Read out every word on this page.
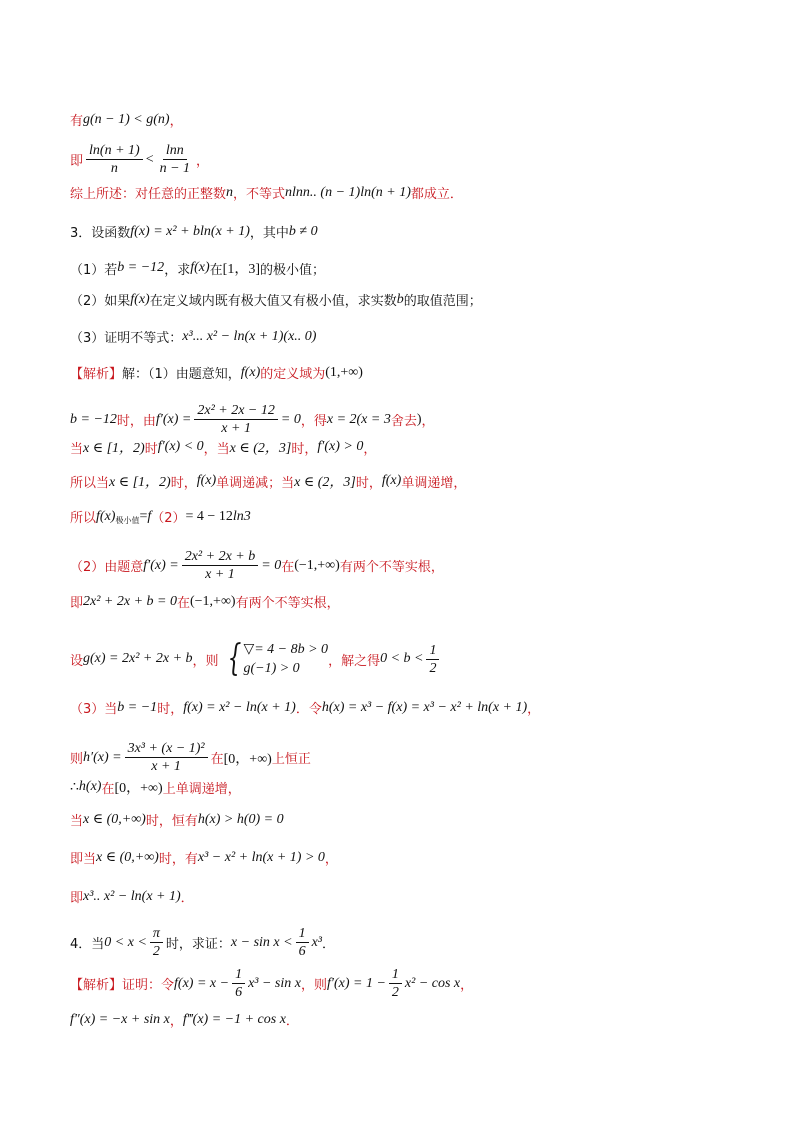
有 g(n − 1) < g(n) ，
即 $\frac{\ln(n + 1)}{n} < \frac{\ln n}{n - 1}$ ，
综上所述：对任意的正整数 n ，不等式 nlnn.. (n − 1)ln(n + 1) 都成立．
3．设函数 f(x) = x² + bln(x + 1) ，其中 b ≠ 0
（1）若 b = −12 ，求 f(x) 在 [1，3] 的极小值；
（2）如果 f(x) 在定义域内既有极大值又有极小值，求实数 b 的取值范围；
（3）证明不等式： x³... x² − ln(x + 1)(x.. 0)
【解析】 解：（1）由题意知， f(x) 的定义域为 (1,+∞)
b = −12 时，由 $f'(x) = \frac{\text{2x² + 2x − 12}}{x + 1} = 0$ ，得 x = 2(x = 3 舍去 ) ，
当 x ∈ [1，2) 时 f′(x) < 0 ，当 x ∈ (2，3] 时， f′(x) > 0 ，
所以当 x ∈ [1，2) 时， f(x) 单调递减；当 x ∈ (2，3] 时， f(x) 单调递增，
所以 f(x) 极小值 = f （2） = 4 − 12 ln3
（2）由题意 $f'(x) = \frac{\text{2x² + 2x + b}}{x + 1} = 0$ 在 (−1,+∞) 有两个不等实根，
即 2x² + 2x + b = 0 在 (−1,+∞) 有两个不等实根，
设 g(x) = 2x² + 2x + b ，则 { ▽= 4 − 8b > 0
g(−1) > 0	，解之得 $0 < b < \frac{1}{2}$
（3）当 b = −1 时， f(x) = x² − ln(x + 1) ．令 h(x) = x³ − f(x) = x³ − x² + ln(x + 1) ，
则 $h'(x) = \frac{\text{3x³ + (x − 1)²}}{x + 1}$ 在 [0，+∞) 上恒正
∴ h(x) 在 [0，+∞) 上单调递增，
当 x ∈ (0,+∞) 时，恒有 h(x) > h(0) = 0
即当 x ∈ (0,+∞) 时，有 x³ − x² + ln(x + 1) > 0 ，
即 x³.. x² − ln(x + 1) ．
4．当 $0 < x < \frac{\pi}{2}$ 时，求证： $x - \sin x < \frac{1}{6} x^3$ ．
【解析】 证明：令 $f(x) = x - \frac{1}{6} x^3 - \sin x$ ，则 $f'(x) = 1 - \frac{1}{2} x^2 - \cos x$ ，
f″(x) = −x + sin x ， f‴(x) = −1 + cos x ．
